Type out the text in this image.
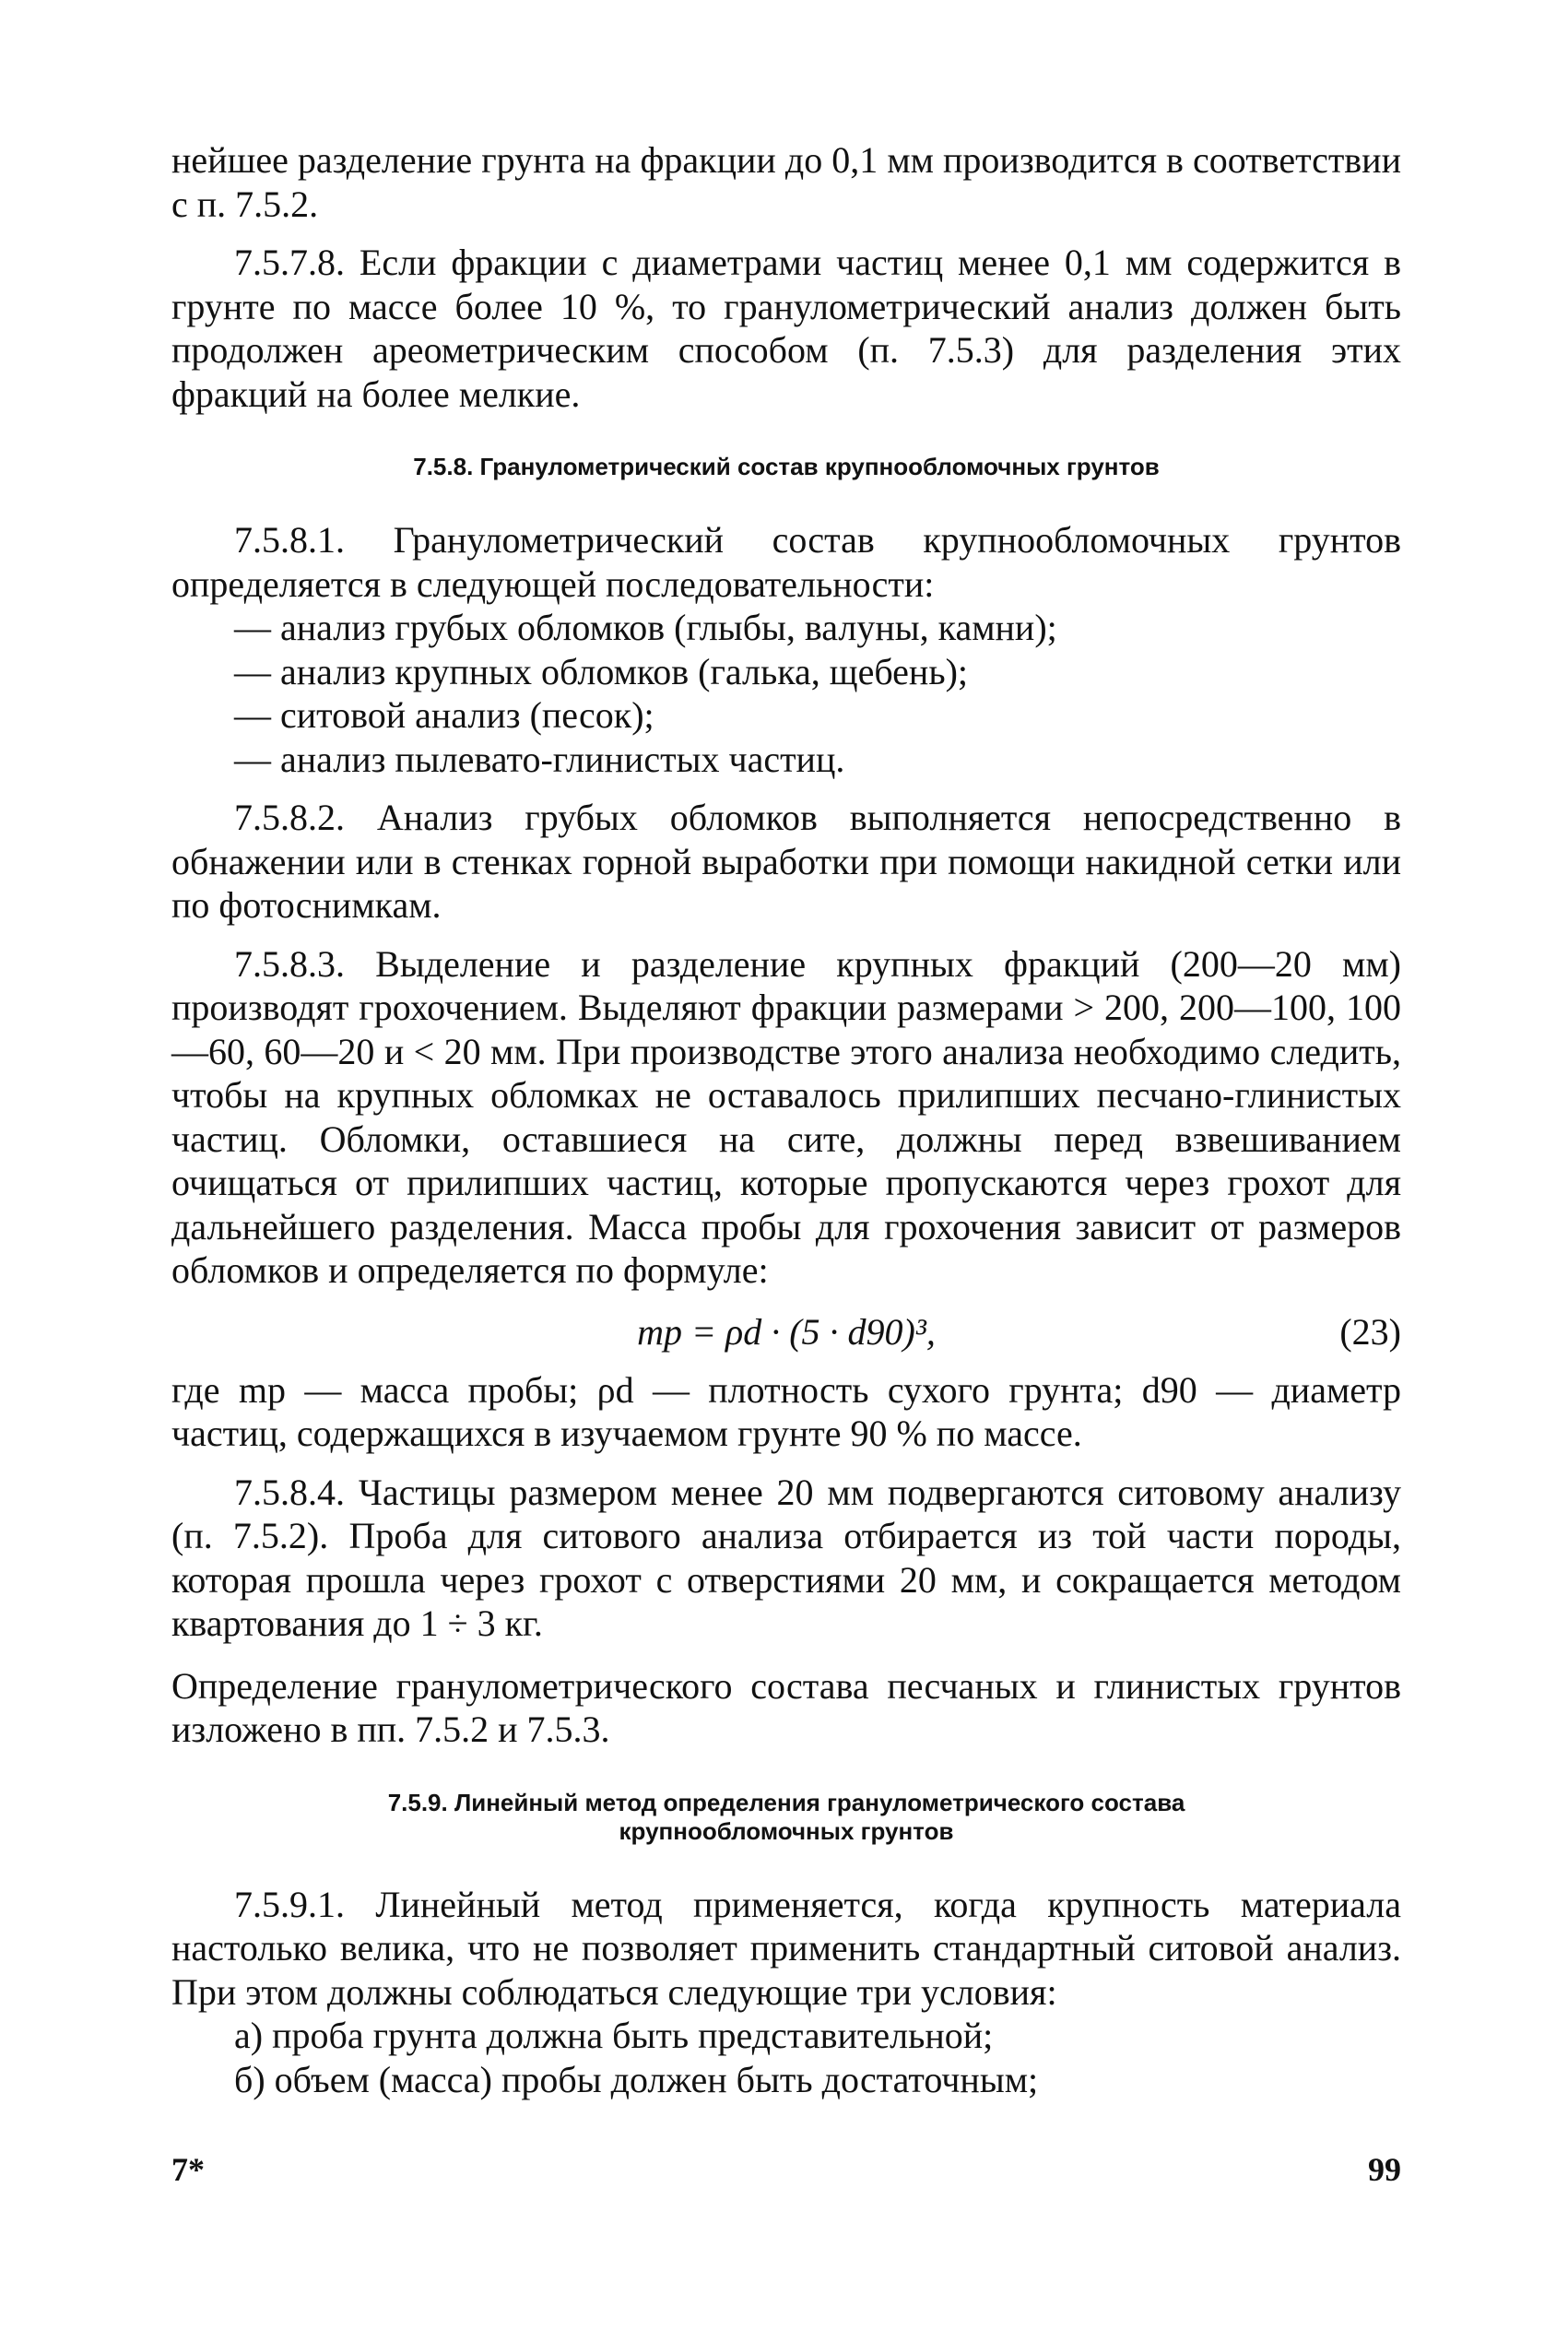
нейшее разделение грунта на фракции до 0,1 мм производится в соответствии с п. 7.5.2.

7.5.7.8. Если фракции с диаметрами частиц менее 0,1 мм содержится в грунте по массе более 10 %, то гранулометрический анализ должен быть продолжен ареометрическим способом (п. 7.5.3) для разделения этих фракций на более мелкие.

7.5.8. Гранулометрический состав крупнообломочных грунтов

7.5.8.1. Гранулометрический состав крупнообломочных грунтов определяется в следующей последовательности:

— анализ грубых обломков (глыбы, валуны, камни);
— анализ крупных обломков (галька, щебень);
— ситовой анализ (песок);
— анализ пылевато-глинистых частиц.

7.5.8.2. Анализ грубых обломков выполняется непосредственно в обнажении или в стенках горной выработки при помощи накидной сетки или по фотоснимкам.

7.5.8.3. Выделение и разделение крупных фракций (200—20 мм) производят грохочением. Выделяют фракции размерами > 200, 200—100, 100—60, 60—20 и < 20 мм. При производстве этого анализа необходимо следить, чтобы на крупных обломках не оставалось прилипших песчано-глинистых частиц. Обломки, оставшиеся на сите, должны перед взвешиванием очищаться от прилипших частиц, которые пропускаются через грохот для дальнейшего разделения. Масса пробы для грохочения зависит от размеров обломков и определяется по формуле:

mp = ρd · (5 · d90)³,	(23)

где mp — масса пробы; ρd — плотность сухого грунта; d90 — диаметр частиц, содержащихся в изучаемом грунте 90 % по массе.

7.5.8.4. Частицы размером менее 20 мм подвергаются ситовому анализу (п. 7.5.2). Проба для ситового анализа отбирается из той части породы, которая прошла через грохот с отверстиями 20 мм, и сокращается методом квартования до 1 ÷ 3 кг.

Определение гранулометрического состава песчаных и глинистых грунтов изложено в пп. 7.5.2 и 7.5.3.

7.5.9. Линейный метод определения гранулометрического состава
крупнообломочных грунтов

7.5.9.1. Линейный метод применяется, когда крупность материала настолько велика, что не позволяет применить стандартный ситовой анализ. При этом должны соблюдаться следующие три условия:

а) проба грунта должна быть представительной;

б) объем (масса) пробы должен быть достаточным;

7*	99
